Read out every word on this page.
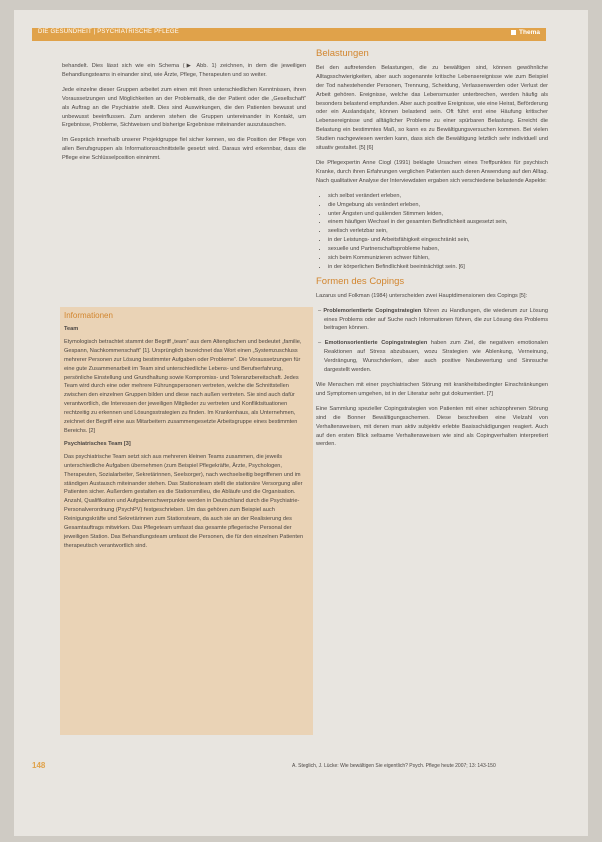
DIE GESUNDHEIT | PSYCHIATRISCHE PFLEGE	Thema

behandelt. Dies lässt sich wie ein Schema (▶ Abb. 1) zeichnen, in dem die jeweiligen Behandlungsteams in einander sind, wie Ärzte, Pflege, Therapeuten und so weiter.

Jede einzelne dieser Gruppen arbeitet zum einen mit ihren unterschiedlichen Kenntnissen, ihren Voraussetzungen und Möglichkeiten an der Problematik, die der Patient oder die „Gesellschaft“ als Auftrag an die Psychiatrie stellt. Dies sind Auswirkungen, die den Patienten bewusst und unbewusst beeinflussen. Zum anderen stehen die Gruppen untereinander in Kontakt, um Ergebnisse, Probleme, Sichtweisen und bisherige Ergebnisse miteinander auszutauschen.

Im Gespräch innerhalb unserer Projektgruppe fiel sicher kennen, wo die Position der Pflege von allen Berufsgruppen als Informationsschnittstelle gesetzt wird. Daraus wird erkennbar, dass die Pflege eine Schlüsselposition einnimmt.

Informationen

Team

Etymologisch betrachtet stammt der Begriff „team“ aus dem Altenglischen und bedeutet „familie, Gespann, Nachkommenschaft“ [1]. Ursprünglich bezeichnet das Wort einen „Systemzuschluss mehrerer Personen zur Lösung bestimmter Aufgaben oder Probleme“. Die Voraussetzungen für eine gute Zusammenarbeit im Team sind unterschiedliche Lebens- und Berufserfahrung, persönliche Einstellung und Grundhaltung sowie Kompromiss- und Toleranzbereitschaft. Jedes Team wird durch eine oder mehrere Führungspersonen vertreten, welche die Schnittstellen zwischen den einzelnen Gruppen bilden und diese nach außen vertreten. Sie sind auch dafür verantwortlich, die Interessen der jeweiligen Mitglieder zu vertreten und Konfliktsituationen rechtzeitig zu erkennen und Lösungsstrategien zu finden. Im Krankenhaus, als Unternehmen, zeichnet der Begriff eine aus Mitarbeitern zusammengesetzte Arbeitsgruppe eines bestimmten Bereichs. [2]

Psychiatrisches Team [3]

Das psychiatrische Team setzt sich aus mehreren kleinen Teams zusammen, die jeweils unterschiedliche Aufgaben übernehmen (zum Beispiel Pflegekräfte, Ärzte, Psychologen, Therapeuten, Sozialarbeiter, Sekretärinnen, Seelsorger), nach wechselseitig begriffenen und im ständigen Austausch miteinander stehen. Das Stationsteam stellt die stationäre Versorgung aller Patienten sicher. Außerdem gestalten es die Stationsmilieu, die Abläufe und die Organisation. Anzahl, Qualifikation und Aufgabenschwerpunkte werden in Deutschland durch die Psychiatrie-Personalverordnung (PsychPV) festgeschrieben. Um das gehören zum Beispiel auch Reinigungskräfte und Sekretärinnen zum Stationsteam, da auch sie an der Realisierung des Gesamtauftrags mitwirken. Das Pflegeteam umfasst das gesamte pflegerische Personal der jeweiligen Station. Das Behandlungsteam umfasst die Personen, die für den einzelnen Patienten therapeutisch verantwortlich sind.

Belastungen

Bei den auftretenden Belastungen, die zu bewältigen sind, können gewöhnliche Alltagsschwierigkeiten, aber auch sogenannte kritische Lebensereignisse wie zum Beispiel der Tod nahestehender Personen, Trennung, Scheidung, Verlassenwerden oder Verlust der Arbeit gehören. Ereignisse, welche das Lebensmuster unterbrechen, werden häufig als besonders belastend empfunden. Aber auch positive Ereignisse, wie eine Heirat, Beförderung oder ein Auslandsjahr, können belastend sein. Oft führt erst eine Häufung kritischer Lebensereignisse und alltäglicher Probleme zu einer spürbaren Belastung. Erreicht die Belastung ein bestimmtes Maß, so kann es zu Bewältigungsversuchen kommen. Bei vielen Studien nachgewiesen werden kann, dass sich die Bewältigung letztlich sehr individuell und situativ gestaltet. [5] [6]

Die Pflegexpertin Anne Ciogl (1991) beklagte Ursachen eines Treffpunktes für psychisch Kranke, durch ihren Erfahrungen verglichen Patienten auch deren Anwendung auf den Alltag. Nach qualitativer Analyse der Interviewdaten ergaben sich verschiedene belastende Aspekte:

• sich selbst verändert erleben,
• die Umgebung als verändert erleben,
• unter Ängsten und quälenden Stimmen leiden,
• einem häufigen Wechsel in der gesamten Befindlichkeit ausgesetzt sein,
• seelisch verletzbar sein,
• in der Leistungs- und Arbeitsfähigkeit eingeschränkt sein,
• sexuelle und Partnerschaftsprobleme haben,
• sich beim Kommunizieren schwer fühlen,
• in der körperlichen Befindlichkeit beeinträchtigt sein. [6]
Formen des Copings

Lazarus und Folkman (1984) unterscheiden zwei Hauptdimensionen des Copings [5]:

– Problemorientierte Copingstrategien führen zu Handlungen, die wiederum zur Lösung eines Problems oder auf Suche nach Informationen führen, die zur Lösung des Problems beitragen können.

– Emotionsorientierte Copingstrategien haben zum Ziel, die negativen emotionalen Reaktionen auf Stress abzubauen, wozu Strategien wie Ablenkung, Verneinung, Verdrängung, Wunschdenken, aber auch positive Neubewertung und Sinnsuche dargestellt werden.

Wie Menschen mit einer psychiatrischen Störung mit krankheitsbedingter Einschränkungen und Symptomen umgehen, ist in der Literatur sehr gut dokumentiert. [7]

Eine Sammlung spezieller Copingstrategien von Patienten mit einer schizophrenen Störung sind die Bonner Bewältigungsschemen. Diese beschreiben eine Vielzahl von Verhaltensweisen, mit denen man aktiv subjektiv erlebte Basisschädigungen reagiert. Auch auf den ersten Blick seltsame Verhaltensweisen wie sind als Copingverhalten interpretiert werden.

148	A. Steglich, J. Lücke: Wie bewältigen Sie eigentlich? Psych. Pflege heute 2007; 13: 143-150
